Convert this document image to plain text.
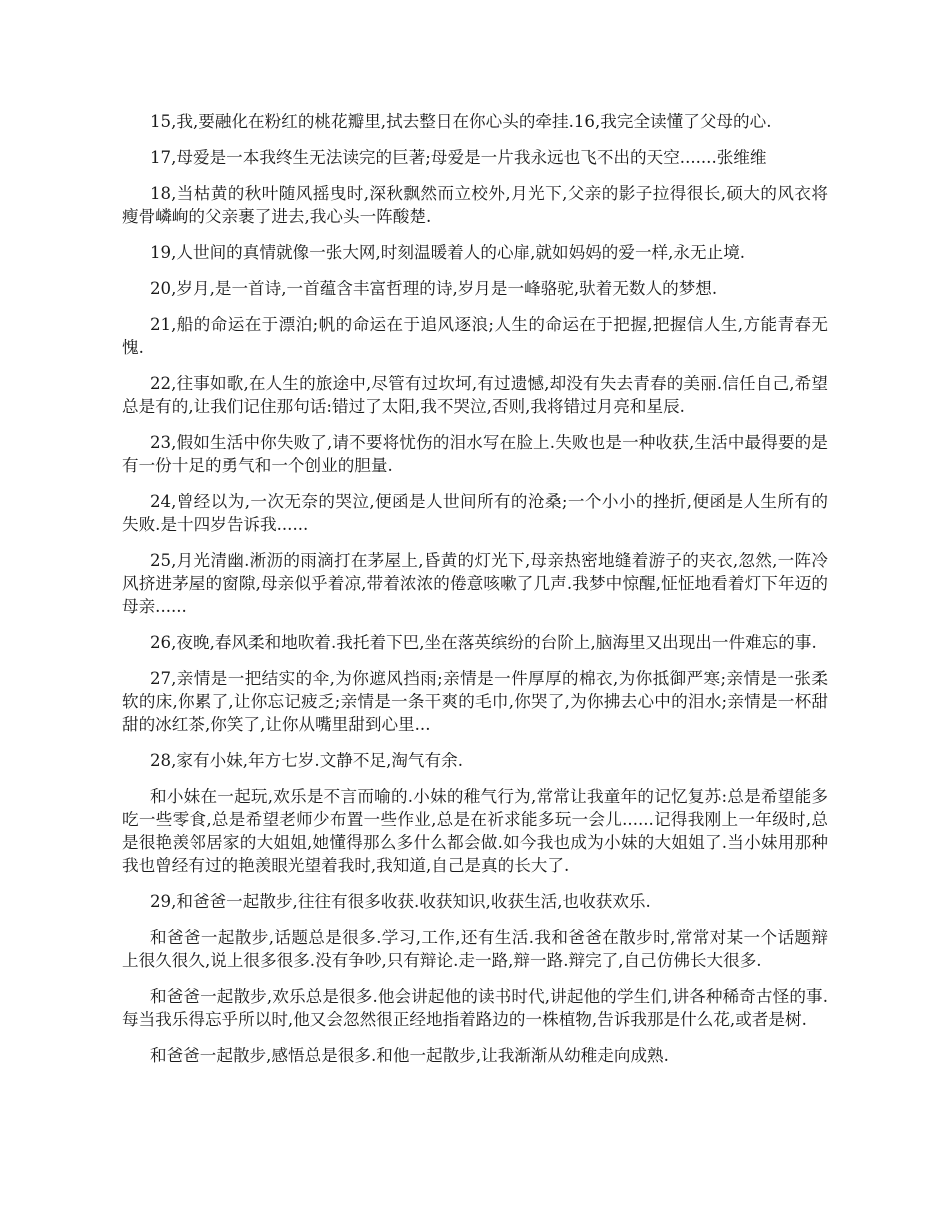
15,我,要融化在粉红的桃花瓣里,拭去整日在你心头的牵挂.16,我完全读懂了父母的心.

17,母爱是一本我终生无法读完的巨著;母爱是一片我永远也飞不出的天空.......张维维

18,当枯黄的秋叶随风摇曳时,深秋飘然而立校外,月光下,父亲的影子拉得很长,硕大的风衣将瘦骨嶙峋的父亲裹了进去,我心头一阵酸楚.

19,人世间的真情就像一张大网,时刻温暖着人的心扉,就如妈妈的爱一样,永无止境.

20,岁月,是一首诗,一首蕴含丰富哲理的诗,岁月是一峰骆驼,驮着无数人的梦想.

21,船的命运在于漂泊;帆的命运在于追风逐浪;人生的命运在于把握,把握信人生,方能青春无愧.

22,往事如歌,在人生的旅途中,尽管有过坎坷,有过遗憾,却没有失去青春的美丽.信任自己,希望总是有的,让我们记住那句话:错过了太阳,我不哭泣,否则,我将错过月亮和星辰.

23,假如生活中你失败了,请不要将忧伤的泪水写在脸上.失败也是一种收获,生活中最得要的是有一份十足的勇气和一个创业的胆量.

24,曾经以为,一次无奈的哭泣,便函是人世间所有的沧桑;一个小小的挫折,便函是人生所有的失败.是十四岁告诉我......

25,月光清幽.淅沥的雨滴打在茅屋上,昏黄的灯光下,母亲热密地缝着游子的夹衣,忽然,一阵冷风挤进茅屋的窗隙,母亲似乎着凉,带着浓浓的倦意咳嗽了几声.我梦中惊醒,怔怔地看着灯下年迈的母亲......

26,夜晚,春风柔和地吹着.我托着下巴,坐在落英缤纷的台阶上,脑海里又出现出一件难忘的事.

27,亲情是一把结实的伞,为你遮风挡雨;亲情是一件厚厚的棉衣,为你抵御严寒;亲情是一张柔软的床,你累了,让你忘记疲乏;亲情是一条干爽的毛巾,你哭了,为你拂去心中的泪水;亲情是一杯甜甜的冰红茶,你笑了,让你从嘴里甜到心里...

28,家有小妹,年方七岁.文静不足,淘气有余.

和小妹在一起玩,欢乐是不言而喻的.小妹的稚气行为,常常让我童年的记忆复苏:总是希望能多吃一些零食,总是希望老师少布置一些作业,总是在祈求能多玩一会儿......记得我刚上一年级时,总是很艳羡邻居家的大姐姐,她懂得那么多什么都会做.如今我也成为小妹的大姐姐了.当小妹用那种我也曾经有过的艳羡眼光望着我时,我知道,自己是真的长大了.

29,和爸爸一起散步,往往有很多收获.收获知识,收获生活,也收获欢乐.

和爸爸一起散步,话题总是很多.学习,工作,还有生活.我和爸爸在散步时,常常对某一个话题辩上很久很久,说上很多很多.没有争吵,只有辩论.走一路,辩一路.辩完了,自己仿佛长大很多.

和爸爸一起散步,欢乐总是很多.他会讲起他的读书时代,讲起他的学生们,讲各种稀奇古怪的事.每当我乐得忘乎所以时,他又会忽然很正经地指着路边的一株植物,告诉我那是什么花,或者是树.

和爸爸一起散步,感悟总是很多.和他一起散步,让我渐渐从幼稚走向成熟.
